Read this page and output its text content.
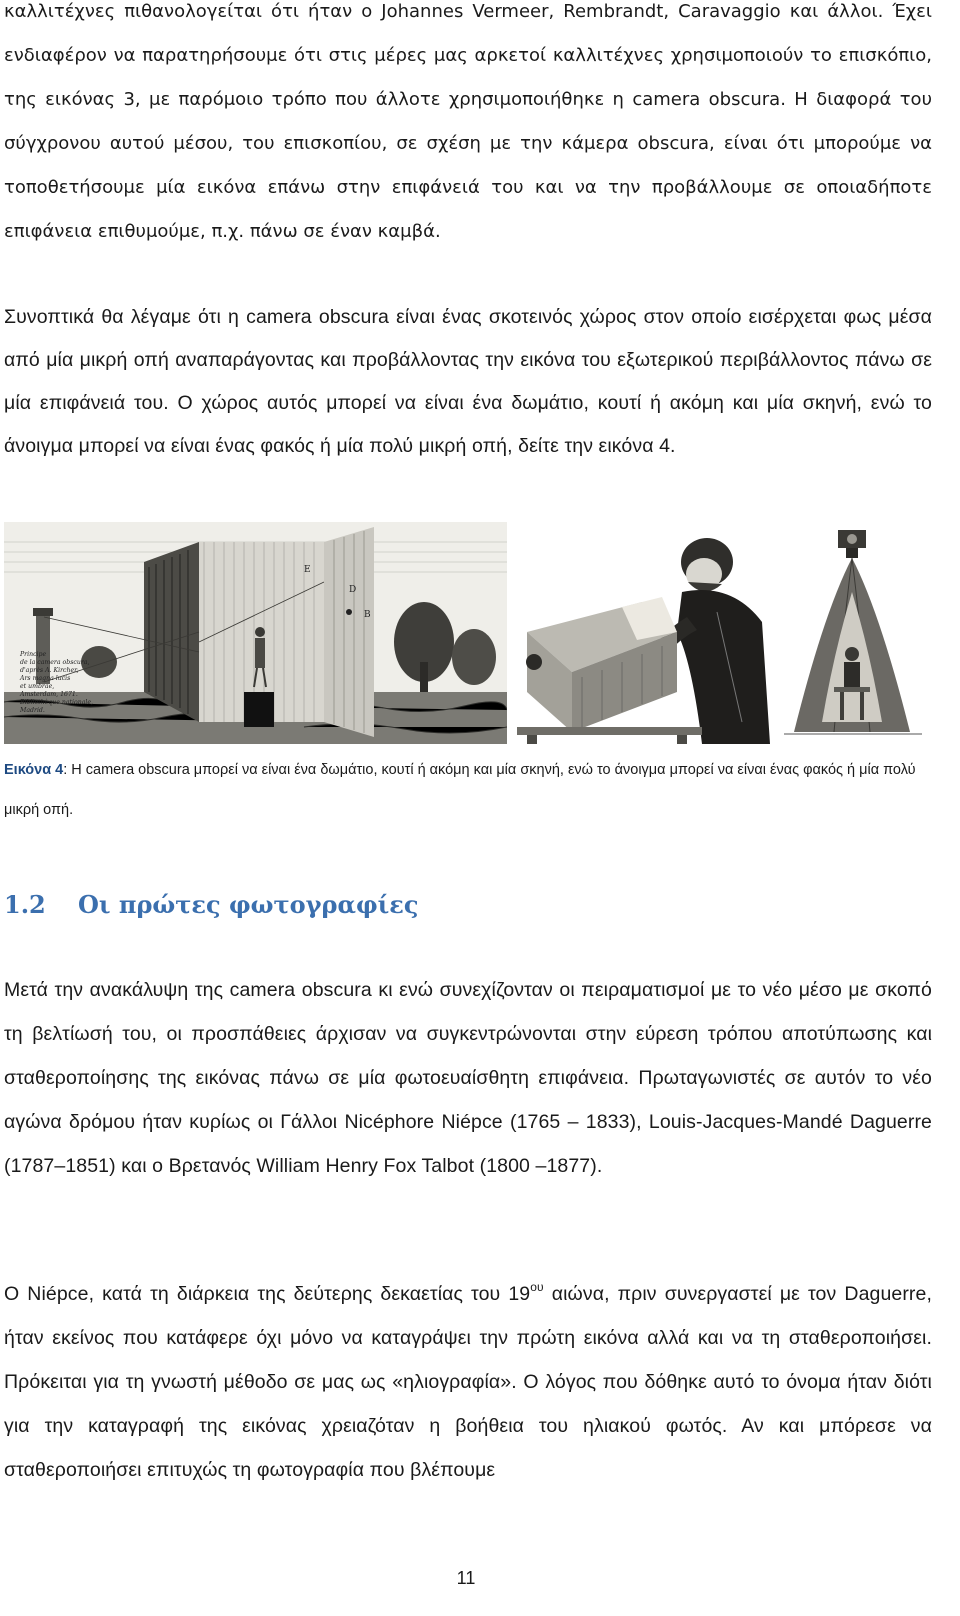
καλλιτέχνες πιθανολογείται ότι ήταν ο Johannes Vermeer, Rembrandt, Caravaggio και άλλοι. Έχει ενδιαφέρον να παρατηρήσουμε ότι στις μέρες μας αρκετοί καλλιτέχνες χρησιμοποιούν το επισκόπιο, της εικόνας 3, με παρόμοιο τρόπο που άλλοτε χρησιμοποιήθηκε η camera obscura. Η διαφορά του σύγχρονου αυτού μέσου, του επισκοπίου, σε σχέση με την κάμερα obscura, είναι ότι μπορούμε να τοποθετήσουμε μία εικόνα επάνω στην επιφάνειά του και να την προβάλλουμε σε οποιαδήποτε επιφάνεια επιθυμούμε, π.χ. πάνω σε έναν καμβά.

Συνοπτικά θα λέγαμε ότι η camera obscura είναι ένας σκοτεινός χώρος στον οποίο εισέρχεται φως μέσα από μία μικρή οπή αναπαράγοντας και προβάλλοντας την εικόνα του εξωτερικού περιβάλλοντος πάνω σε μία επιφάνειά του. Ο χώρος αυτός μπορεί να είναι ένα δωμάτιο, κουτί ή ακόμη και μία σκηνή, ενώ το άνοιγμα μπορεί να είναι ένας φακός ή μία πολύ μικρή οπή, δείτε την εικόνα 4.

E
D
B
Principe
de la camera obscura,
d'après A. Kircher,
Ars magna lucis
et umbrae,
Amsterdam, 1671.
Bibliothèque nationale,
Madrid.

Εικόνα 4: Η camera obscura μπορεί να είναι ένα δωμάτιο, κουτί ή ακόμη και μία σκηνή, ενώ το άνοιγμα μπορεί να είναι ένας φακός ή μία πολύ μικρή οπή.

1.2 Οι πρώτες φωτογραφίες

Μετά την ανακάλυψη της camera obscura κι ενώ συνεχίζονταν οι πειραματισμοί με το νέο μέσο με σκοπό τη βελτίωσή του, οι προσπάθειες άρχισαν να συγκεντρώνονται στην εύρεση τρόπου αποτύπωσης και σταθεροποίησης της εικόνας πάνω σε μία φωτοευαίσθητη επιφάνεια. Πρωταγωνιστές σε αυτόν το νέο αγώνα δρόμου ήταν κυρίως οι Γάλλοι Nicéphore Niépce (1765 – 1833), Louis-Jacques-Mandé Daguerre (1787–1851) και ο Βρετανός William Henry Fox Talbot (1800 –1877).

Ο Niépce, κατά τη διάρκεια της δεύτερης δεκαετίας του $19^{o\upsilon}$ αιώνα, πριν συνεργαστεί με τον Daguerre, ήταν εκείνος που κατάφερε όχι μόνο να καταγράψει την πρώτη εικόνα αλλά και να τη σταθεροποιήσει. Πρόκειται για τη γνωστή μέθοδο σε μας ως «ηλιογραφία». Ο λόγος που δόθηκε αυτό το όνομα ήταν διότι για την καταγραφή της εικόνας χρειαζόταν η βοήθεια του ηλιακού φωτός. Αν και μπόρεσε να σταθεροποιήσει επιτυχώς τη φωτογραφία που βλέπουμε

11
